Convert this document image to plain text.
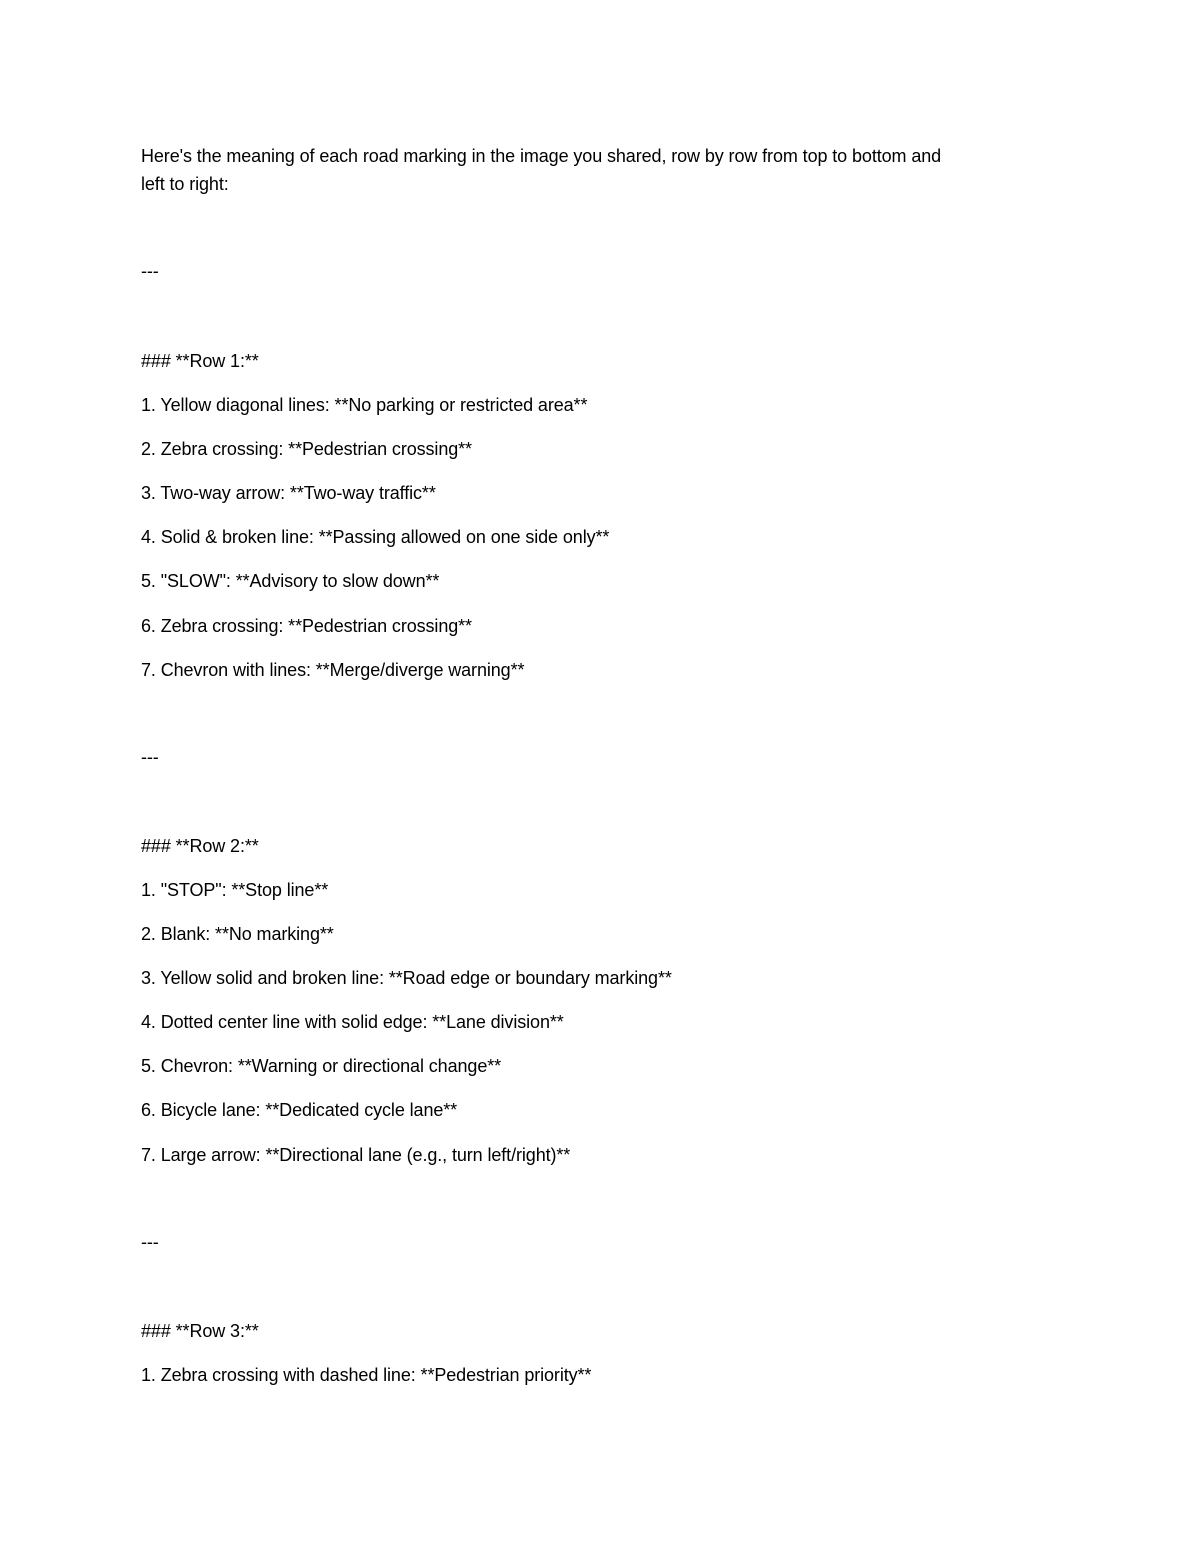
Here's the meaning of each road marking in the image you shared, row by row from top to bottom and
left to right:
---
### **Row 1:**
1. Yellow diagonal lines: **No parking or restricted area**
2. Zebra crossing: **Pedestrian crossing**
3. Two-way arrow: **Two-way traffic**
4. Solid & broken line: **Passing allowed on one side only**
5. "SLOW": **Advisory to slow down**
6. Zebra crossing: **Pedestrian crossing**
7. Chevron with lines: **Merge/diverge warning**
---
### **Row 2:**
1. "STOP": **Stop line**
2. Blank: **No marking**
3. Yellow solid and broken line: **Road edge or boundary marking**
4. Dotted center line with solid edge: **Lane division**
5. Chevron: **Warning or directional change**
6. Bicycle lane: **Dedicated cycle lane**
7. Large arrow: **Directional lane (e.g., turn left/right)**
---
### **Row 3:**
1. Zebra crossing with dashed line: **Pedestrian priority**
